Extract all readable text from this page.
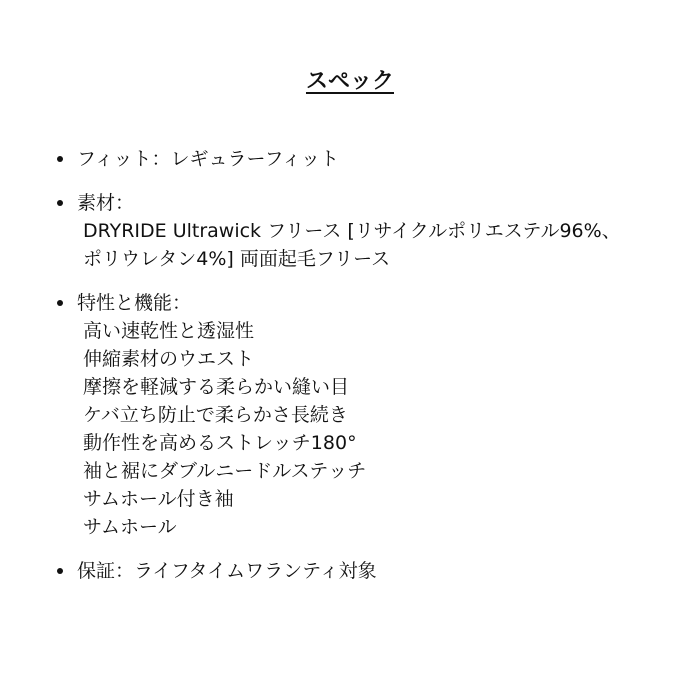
スペック
フィット：レギュラーフィット
素材：
DRYRIDE Ultrawick フリース [リサイクルポリエステル96%、
ポリウレタン4%] 両面起毛フリース
特性と機能：
高い速乾性と透湿性
伸縮素材のウエスト
摩擦を軽減する柔らかい縫い目
ケバ立ち防止で柔らかさ長続き
動作性を高めるストレッチ180°
袖と裾にダブルニードルステッチ
サムホール付き袖
サムホール
保証：ライフタイムワランティ対象
